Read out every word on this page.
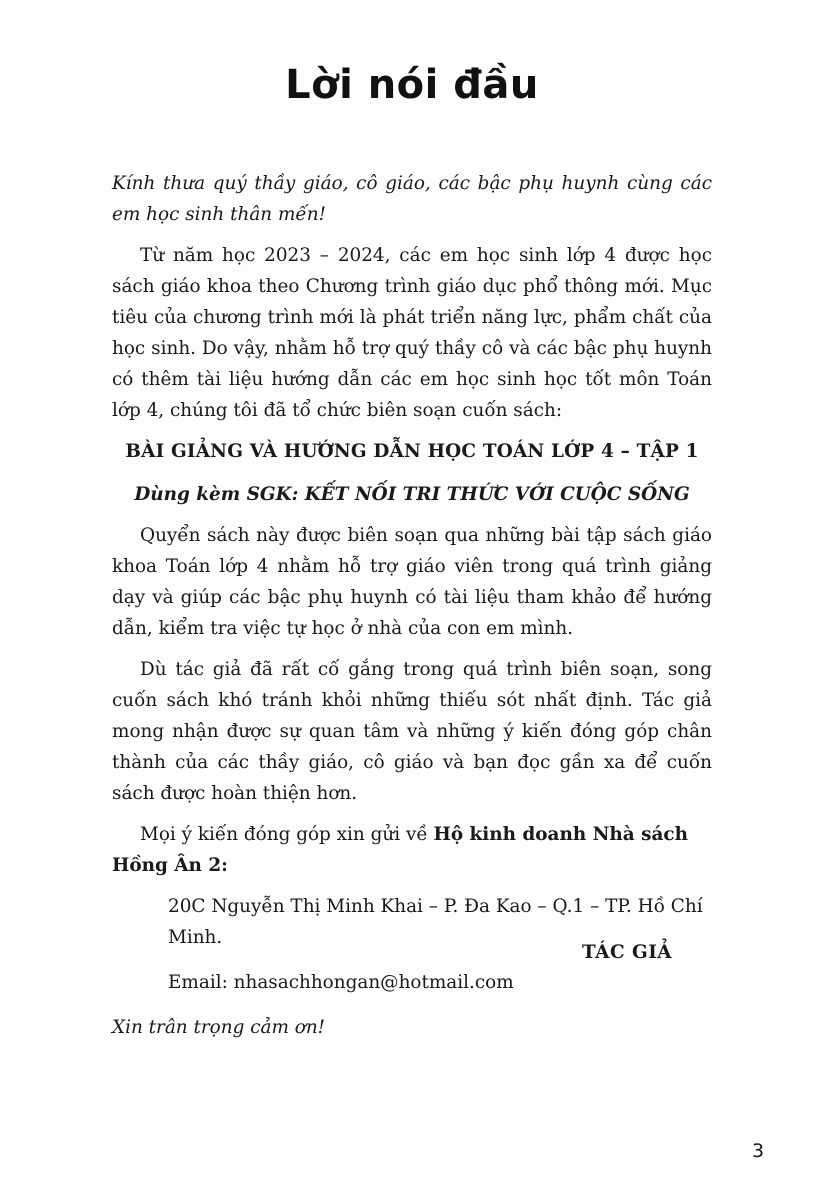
Lời nói đầu

Kính thưa quý thầy giáo, cô giáo, các bậc phụ huynh cùng các em học sinh thân mến!

Từ năm học 2023 – 2024, các em học sinh lớp 4 được học sách giáo khoa theo Chương trình giáo dục phổ thông mới. Mục tiêu của chương trình mới là phát triển năng lực, phẩm chất của học sinh. Do vậy, nhằm hỗ trợ quý thầy cô và các bậc phụ huynh có thêm tài liệu hướng dẫn các em học sinh học tốt môn Toán lớp 4, chúng tôi đã tổ chức biên soạn cuốn sách:

BÀI GIẢNG VÀ HƯỚNG DẪN HỌC TOÁN LỚP 4 – TẬP 1

Dùng kèm SGK: KẾT NỐI TRI THỨC VỚI CUỘC SỐNG

Quyển sách này được biên soạn qua những bài tập sách giáo khoa Toán lớp 4 nhằm hỗ trợ giáo viên trong quá trình giảng dạy và giúp các bậc phụ huynh có tài liệu tham khảo để hướng dẫn, kiểm tra việc tự học ở nhà của con em mình.

Dù tác giả đã rất cố gắng trong quá trình biên soạn, song cuốn sách khó tránh khỏi những thiếu sót nhất định. Tác giả mong nhận được sự quan tâm và những ý kiến đóng góp chân thành của các thầy giáo, cô giáo và bạn đọc gần xa để cuốn sách được hoàn thiện hơn.

Mọi ý kiến đóng góp xin gửi về Hộ kinh doanh Nhà sách Hồng Ân 2:

20C Nguyễn Thị Minh Khai – P. Đa Kao – Q.1 – TP. Hồ Chí Minh.

Email: nhasachhongan@hotmail.com

Xin trân trọng cảm ơn!

TÁC GIẢ
3
